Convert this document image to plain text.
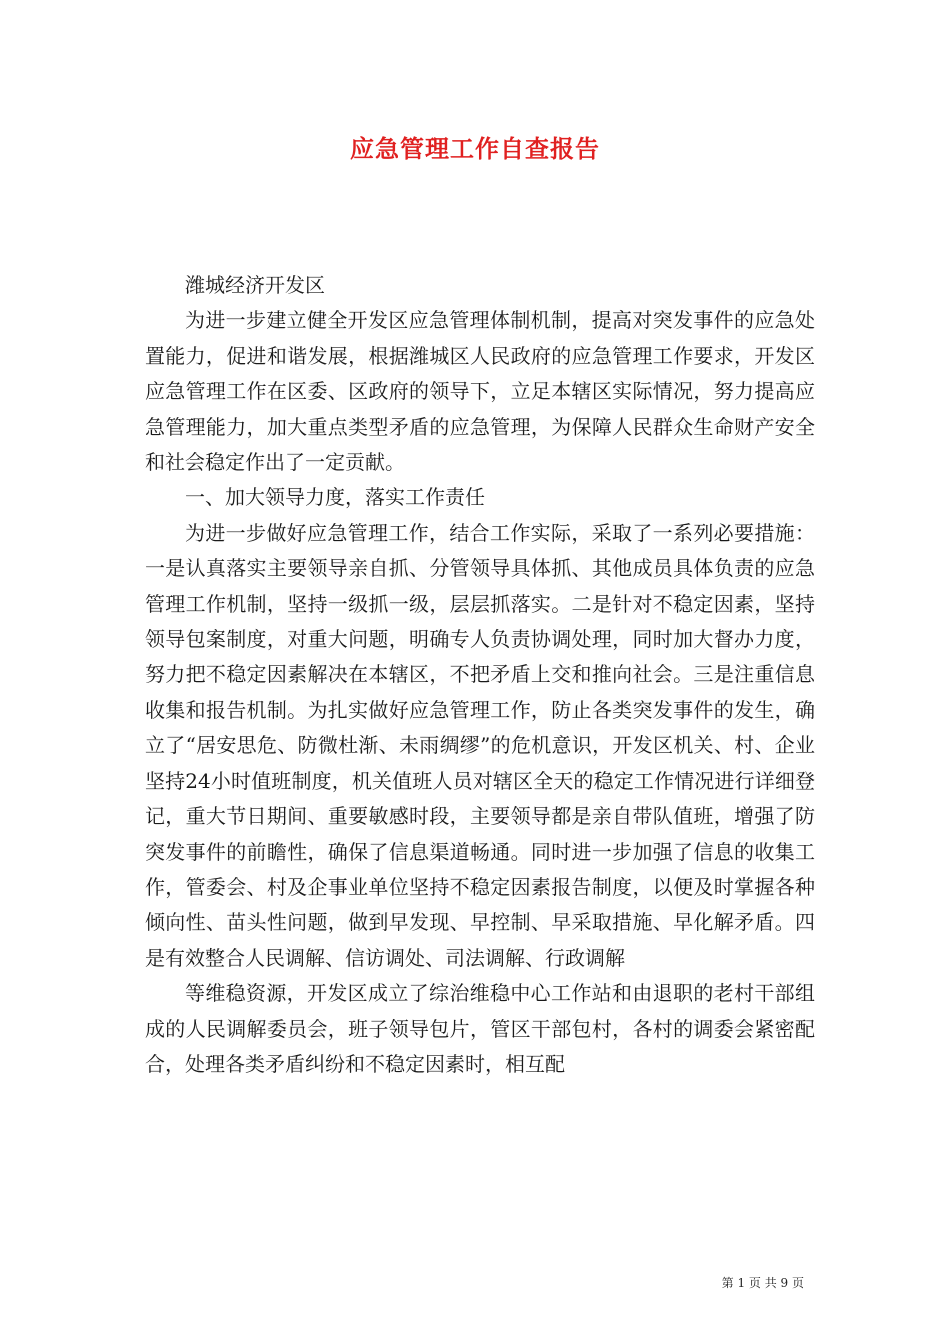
应急管理工作自查报告

潍城经济开发区

为进一步建立健全开发区应急管理体制机制，提高对突发事件的应急处置能力，促进和谐发展，根据潍城区人民政府的应急管理工作要求，开发区应急管理工作在区委、区政府的领导下，立足本辖区实际情况，努力提高应急管理能力，加大重点类型矛盾的应急管理，为保障人民群众生命财产安全和社会稳定作出了一定贡献。

一、加大领导力度，落实工作责任

为进一步做好应急管理工作，结合工作实际，采取了一系列必要措施：一是认真落实主要领导亲自抓、分管领导具体抓、其他成员具体负责的应急管理工作机制，坚持一级抓一级，层层抓落实。二是针对不稳定因素，坚持领导包案制度，对重大问题，明确专人负责协调处理，同时加大督办力度，努力把不稳定因素解决在本辖区，不把矛盾上交和推向社会。三是注重信息收集和报告机制。为扎实做好应急管理工作，防止各类突发事件的发生，确立了“居安思危、防微杜渐、未雨绸缪”的危机意识，开发区机关、村、企业坚持24小时值班制度，机关值班人员对辖区全天的稳定工作情况进行详细登记，重大节日期间、重要敏感时段，主要领导都是亲自带队值班，增强了防突发事件的前瞻性，确保了信息渠道畅通。同时进一步加强了信息的收集工作，管委会、村及企事业单位坚持不稳定因素报告制度，以便及时掌握各种倾向性、苗头性问题，做到早发现、早控制、早采取措施、早化解矛盾。四是有效整合人民调解、信访调处、司法调解、行政调解

等维稳资源，开发区成立了综治维稳中心工作站和由退职的老村干部组成的人民调解委员会，班子领导包片，管区干部包村，各村的调委会紧密配合，处理各类矛盾纠纷和不稳定因素时，相互配

第 1 页 共 9 页
